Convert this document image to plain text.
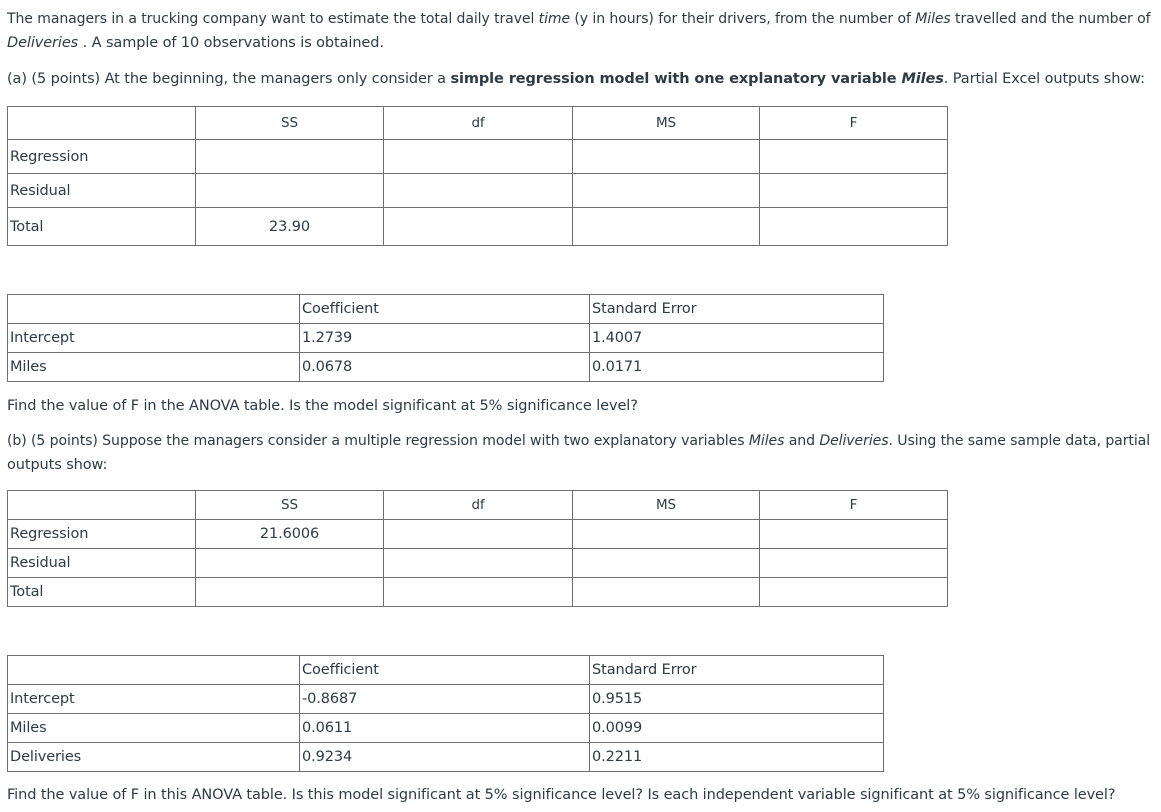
The managers in a trucking company want to estimate the total daily travel time (y in hours) for their drivers, from the number of Miles travelled and the number of
Deliveries . A sample of 10 observations is obtained.
(a) (5 points) At the beginning, the managers only consider a simple regression model with one explanatory variable Miles. Partial Excel outputs show:
	SS	df	MS	F
Regression				
Residual				
Total	23.90			
	Coefficient	Standard Error
Intercept	1.2739	1.4007
Miles	0.0678	0.0171
Find the value of F in the ANOVA table. Is the model significant at 5% significance level?
(b) (5 points) Suppose the managers consider a multiple regression model with two explanatory variables Miles and Deliveries. Using the same sample data, partial
outputs show:
	SS	df	MS	F
Regression	21.6006			
Residual				
Total				
	Coefficient	Standard Error
Intercept	-0.8687	0.9515
Miles	0.0611	0.0099
Deliveries	0.9234	0.2211
Find the value of F in this ANOVA table. Is this model significant at 5% significance level? Is each independent variable significant at 5% significance level?
